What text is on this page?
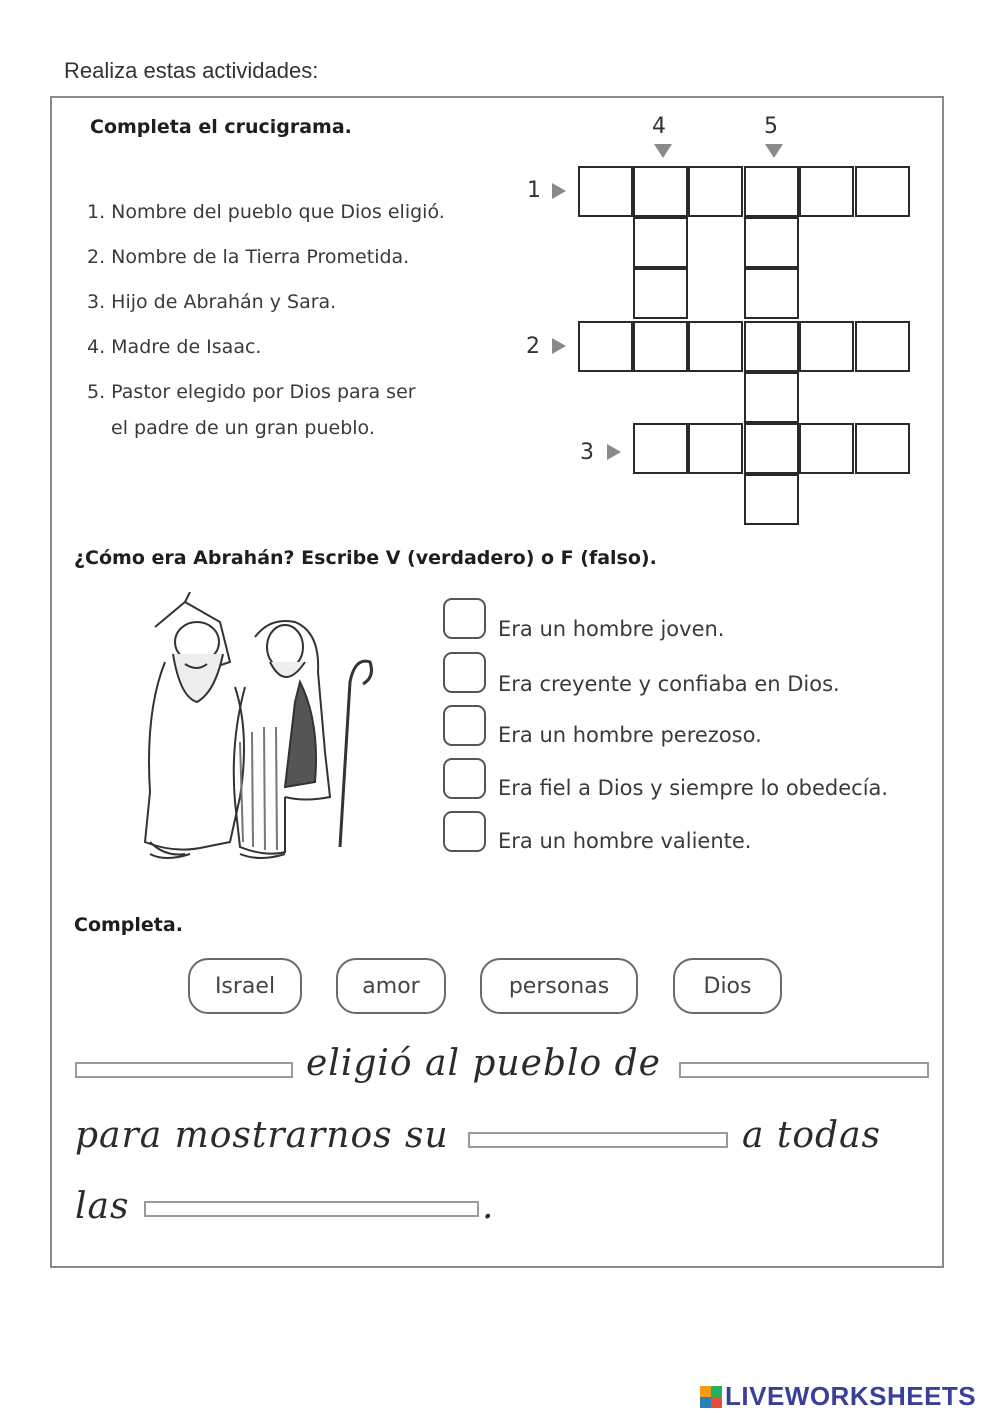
Realiza estas actividades:
Completa el crucigrama.
1. Nombre del pueblo que Dios eligió.
2. Nombre de la Tierra Prometida.
3. Hijo de Abrahán y Sara.
4. Madre de Isaac.
5. Pastor elegido por Dios para ser
el padre de un gran pueblo.
4	5
1
2
3
¿Cómo era Abrahán? Escribe V (verdadero) o F (falso).
Era un hombre joven.
Era creyente y confiaba en Dios.
Era un hombre perezoso.
Era fiel a Dios y siempre lo obedecía.
Era un hombre valiente.
Completa.
Israel	amor	personas	Dios
eligió al pueblo de
para mostrarnos su	a todas
las	.
LIVEWORKSHEETS
